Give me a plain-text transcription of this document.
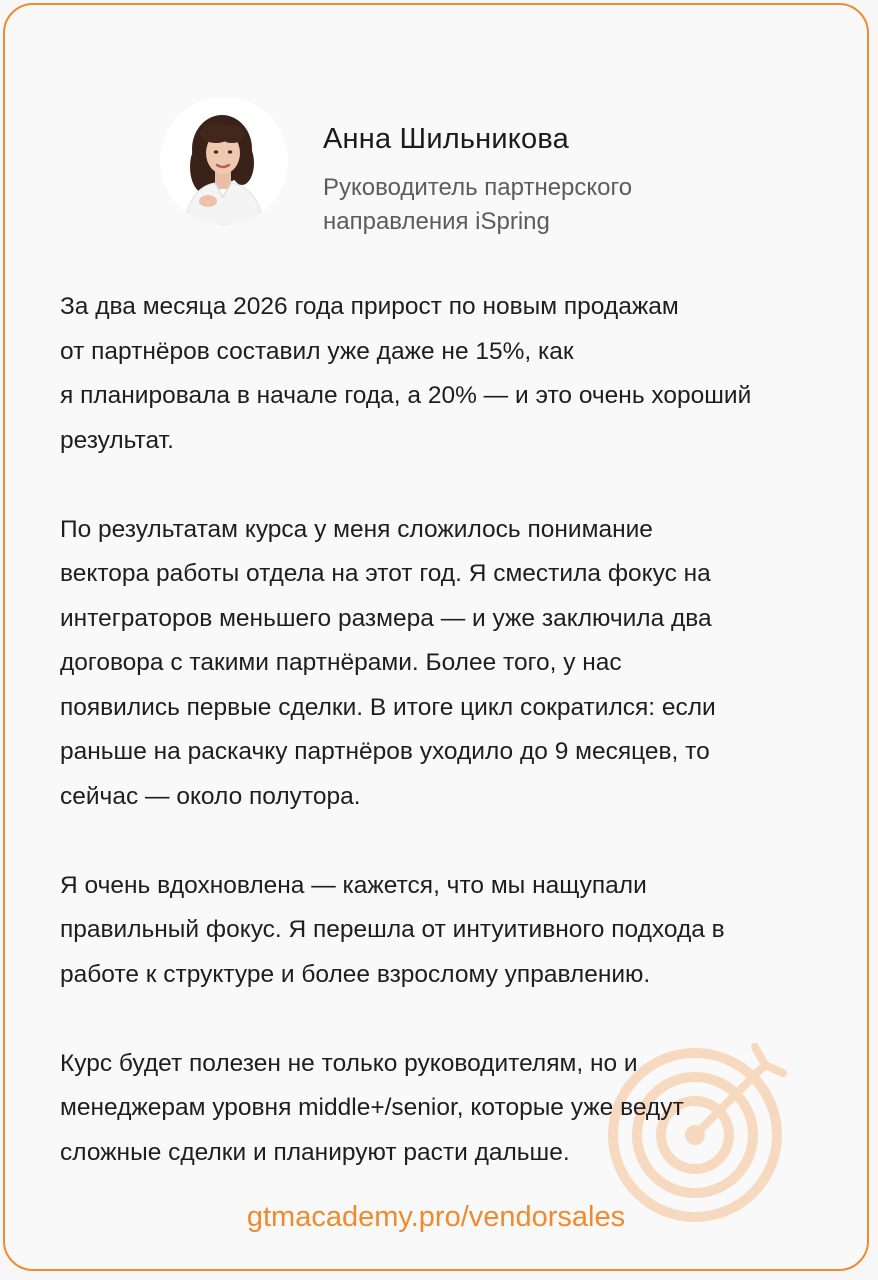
Анна Шильникова
Руководитель партнерского
направления iSpring

За два месяца 2026 года прирост по новым продажам
от партнёров составил уже даже не 15%, как
я планировала в начале года, а 20% — и это очень хороший
результат.

По результатам курса у меня сложилось понимание
вектора работы отдела на этот год. Я сместила фокус на
интеграторов меньшего размера — и уже заключила два
договора с такими партнёрами. Более того, у нас
появились первые сделки. В итоге цикл сократился: если
раньше на раскачку партнёров уходило до 9 месяцев, то
сейчас — около полутора.

Я очень вдохновлена — кажется, что мы нащупали
правильный фокус. Я перешла от интуитивного подхода в
работе к структуре и более взрослому управлению.

Курс будет полезен не только руководителям, но и
менеджерам уровня middle+/senior, которые уже ведут
сложные сделки и планируют расти дальше.

gtmacademy.pro/vendorsales
